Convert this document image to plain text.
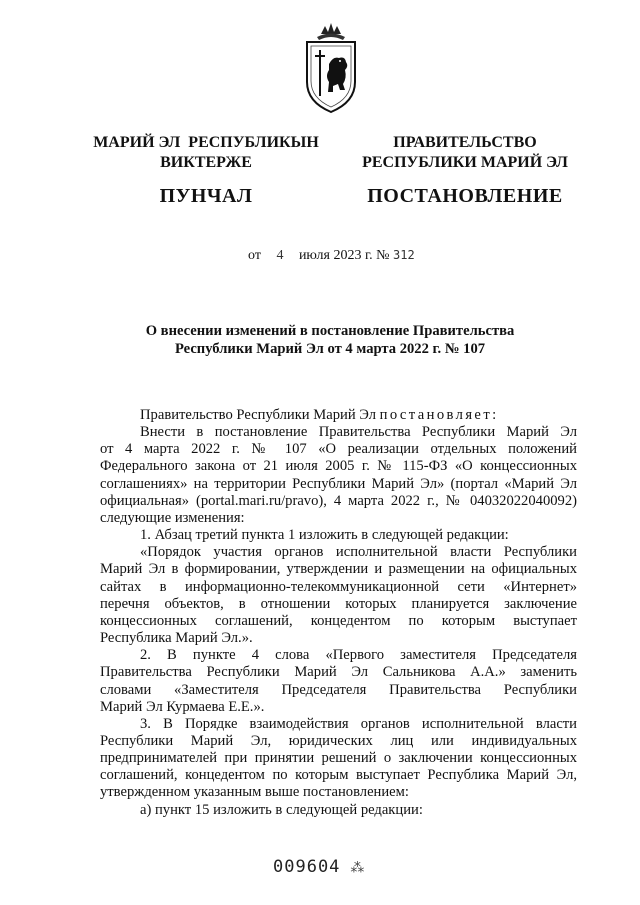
МАРИЙ ЭЛ  РЕСПУБЛИКЫН
ВИКТЕРЖЕ
ПУНЧАЛ
ПРАВИТЕЛЬСТВО
РЕСПУБЛИКИ МАРИЙ ЭЛ
ПОСТАНОВЛЕНИЕ
от 4 июля 2023 г. № 312
О внесении изменений в постановление Правительства
Республики Марий Эл от 4 марта 2022 г. № 107

Правительство Республики Марий Эл постановляет:

Внести в постановление Правительства Республики Марий Эл

от 4 марта 2022 г. № 107 «О реализации отдельных положений

Федерального закона от 21 июля 2005 г. № 115-ФЗ «О концессионных

соглашениях» на территории Республики Марий Эл» (портал «Марий Эл

официальная» (portal.mari.ru/pravo), 4 марта 2022 г., № 04032022040092)

следующие изменения:

1. Абзац третий пункта 1 изложить в следующей редакции:

«Порядок участия органов исполнительной власти Республики

Марий Эл в формировании, утверждении и размещении на официальных

сайтах в информационно-телекоммуникационной сети «Интернет»

перечня объектов, в отношении которых планируется заключение

концессионных соглашений, концедентом по которым выступает

Республика Марий Эл.».

2. В пункте 4 слова «Первого заместителя Председателя

Правительства Республики Марий Эл Сальникова А.А.» заменить

словами «Заместителя Председателя Правительства Республики

Марий Эл Курмаева Е.Е.».

3. В Порядке взаимодействия органов исполнительной власти

Республики Марий Эл, юридических лиц или индивидуальных

предпринимателей при принятии решений о заключении концессионных

соглашений, концедентом по которым выступает Республика Марий Эл,

утвержденном указанным выше постановлением:

а) пункт 15 изложить в следующей редакции:

009604 ⁂
